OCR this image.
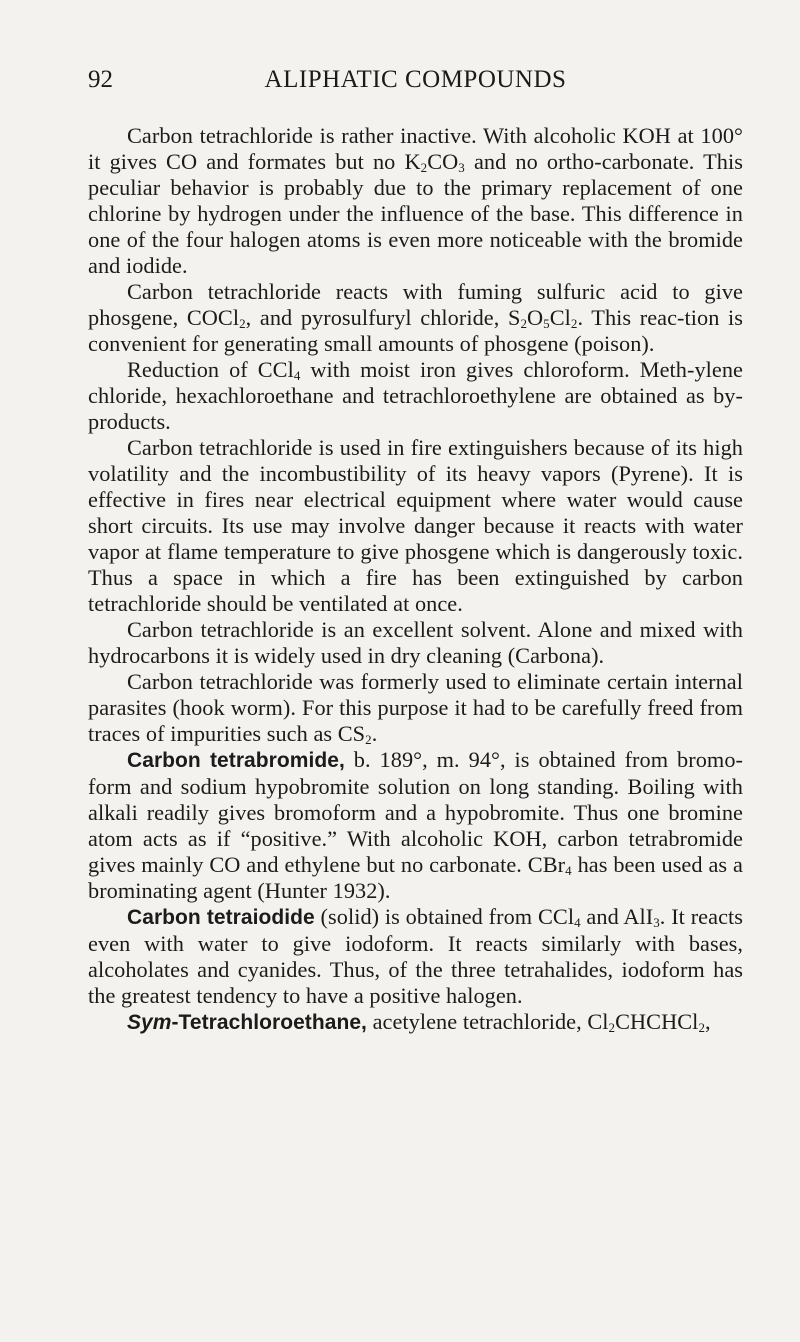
92	ALIPHATIC COMPOUNDS

Carbon tetrachloride is rather inactive. With alcoholic KOH at 100° it gives CO and formates but no $K_2CO_3$ and no ortho-carbonate. This peculiar behavior is probably due to the primary replacement of one chlorine by hydrogen under the influence of the base. This difference in one of the four halogen atoms is even more noticeable with the bromide and iodide.

Carbon tetrachloride reacts with fuming sulfuric acid to give phosgene, COCl$_2$, and pyrosulfuryl chloride, $S_2O_5Cl_2$. This reac-tion is convenient for generating small amounts of phosgene (poison).

Reduction of CCl$_4$ with moist iron gives chloroform. Meth-ylene chloride, hexachloroethane and tetrachloroethylene are obtained as by-products.

Carbon tetrachloride is used in fire extinguishers because of its high volatility and the incombustibility of its heavy vapors (Pyrene). It is effective in fires near electrical equipment where water would cause short circuits. Its use may involve danger because it reacts with water vapor at flame temperature to give phosgene which is dangerously toxic. Thus a space in which a fire has been extinguished by carbon tetrachloride should be ventilated at once.

Carbon tetrachloride is an excellent solvent. Alone and mixed with hydrocarbons it is widely used in dry cleaning (Carbona).

Carbon tetrachloride was formerly used to eliminate certain internal parasites (hook worm). For this purpose it had to be carefully freed from traces of impurities such as $CS_2$.

Carbon tetrabromide, b. 189°, m. 94°, is obtained from bromo-form and sodium hypobromite solution on long standing. Boiling with alkali readily gives bromoform and a hypobromite. Thus one bromine atom acts as if “positive.” With alcoholic KOH, carbon tetrabromide gives mainly CO and ethylene but no carbonate. CBr$_4$ has been used as a brominating agent (Hunter 1932).

Carbon tetraiodide (solid) is obtained from CCl$_4$ and AlI$_3$. It reacts even with water to give iodoform. It reacts similarly with bases, alcoholates and cyanides. Thus, of the three tetrahalides, iodoform has the greatest tendency to have a positive halogen.

Sym-Tetrachloroethane, acetylene tetrachloride, $Cl_2CHCHCl_2$,
